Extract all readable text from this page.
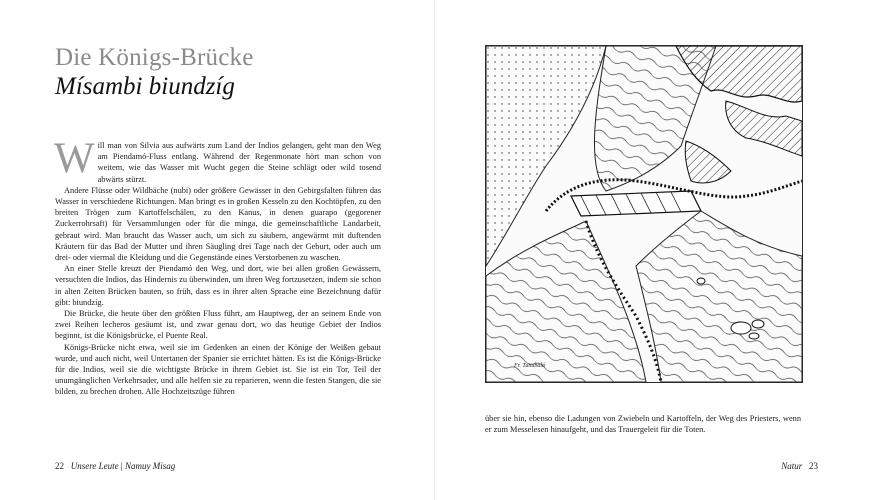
Die Königs-Brücke
Mísambi biundzíg

Will man von Silvia aus aufwärts zum Land der Indios gelangen, geht man den Weg am Piendamó-Fluss entlang. Während der Regenmonate hört man schon von weitem, wie das Wasser mit Wucht gegen die Steine schlägt oder wild tosend abwärts stürzt.

Andere Flüsse oder Wildbäche (nubi) oder größere Gewässer in den Gebirgsfalten führen das Wasser in verschiedene Richtungen. Man bringt es in großen Kesseln zu den Kochtöpfen, zu den breiten Trögen zum Kartoffelschälen, zu den Kanus, in denen guarapo (gegorener Zuckerrohrsaft) für Versammlungen oder für die minga, die gemeinschaftliche Landarbeit, gebraut wird. Man braucht das Wasser auch, um sich zu säubern, angewärmt mit duftenden Kräutern für das Bad der Mutter und ihren Säugling drei Tage nach der Geburt, oder auch um drei- oder viermal die Kleidung und die Gegenstände eines Verstorbenen zu waschen.

An einer Stelle kreuzt der Piendamó den Weg, und dort, wie bei allen großen Gewässern, versuchten die Indios, das Hindernis zu überwinden, um ihren Weg fortzusetzen, indem sie schon in alten Zeiten Brücken bauten, so früh, dass es in ihrer alten Sprache eine Bezeichnung dafür gibt: biundzíg.

Die Brücke, die heute über den größten Fluss führt, am Hauptweg, der an seinem Ende von zwei Reihen lecheros gesäumt ist, und zwar genau dort, wo das heutige Gebiet der Indios beginnt, ist die Königsbrücke, el Puente Real.

Königs-Brücke nicht etwa, weil sie im Gedenken an einen der Könige der Weißen gebaut wurde, und auch nicht, weil Untertanen der Spanier sie errichtet hätten. Es ist die Königs-Brücke für die Indios, weil sie die wichtigste Brücke in ihrem Gebiet ist. Sie ist ein Tor, Teil der unumgänglichen Verkehrsader, und alle helfen sie zu reparieren, wenn die festen Stangen, die sie bilden, zu brechen drohen. Alle Hochzeitszüge führen

22 Unsere Leute | Namuy Misag
Fr. Tunubalá
über sie hin, ebenso die Ladungen von Zwiebeln und Kartoffeln, der Weg des Priesters, wenn er zum Messelesen hinaufgeht, und das Trauergeleit für die Toten.
Natur 23
